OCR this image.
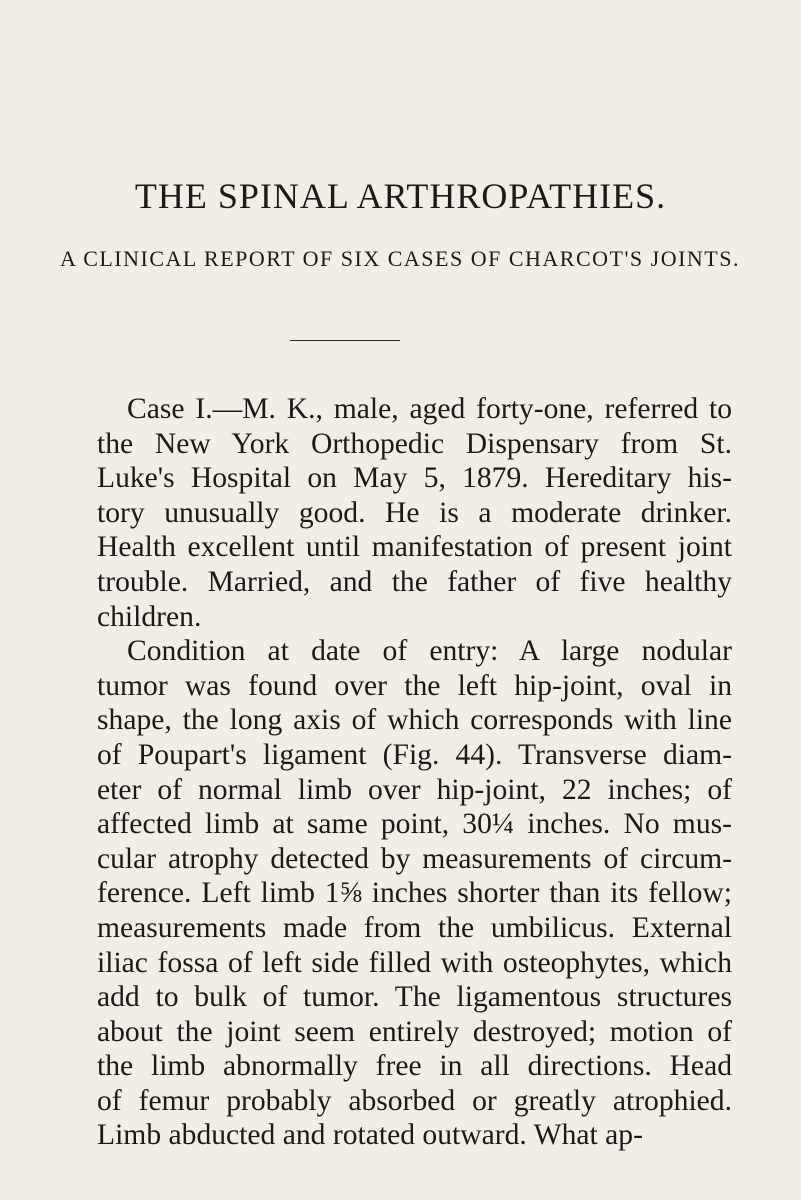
THE SPINAL ARTHROPATHIES.
A CLINICAL REPORT OF SIX CASES OF CHARCOT'S JOINTS.
Case I.—M. K., male, aged forty-one, referred to
the New York Orthopedic Dispensary from St.
Luke's Hospital on May 5, 1879. Hereditary his-
tory unusually good. He is a moderate drinker.
Health excellent until manifestation of present joint
trouble. Married, and the father of five healthy
children.
Condition at date of entry: A large nodular
tumor was found over the left hip-joint, oval in
shape, the long axis of which corresponds with line
of Poupart's ligament (Fig. 44). Transverse diam-
eter of normal limb over hip-joint, 22 inches; of
affected limb at same point, 30¼ inches. No mus-
cular atrophy detected by measurements of circum-
ference. Left limb 1⅝ inches shorter than its fellow;
measurements made from the umbilicus. External
iliac fossa of left side filled with osteophytes, which
add to bulk of tumor. The ligamentous structures
about the joint seem entirely destroyed; motion of
the limb abnormally free in all directions. Head
of femur probably absorbed or greatly atrophied.
Limb abducted and rotated outward. What ap-
